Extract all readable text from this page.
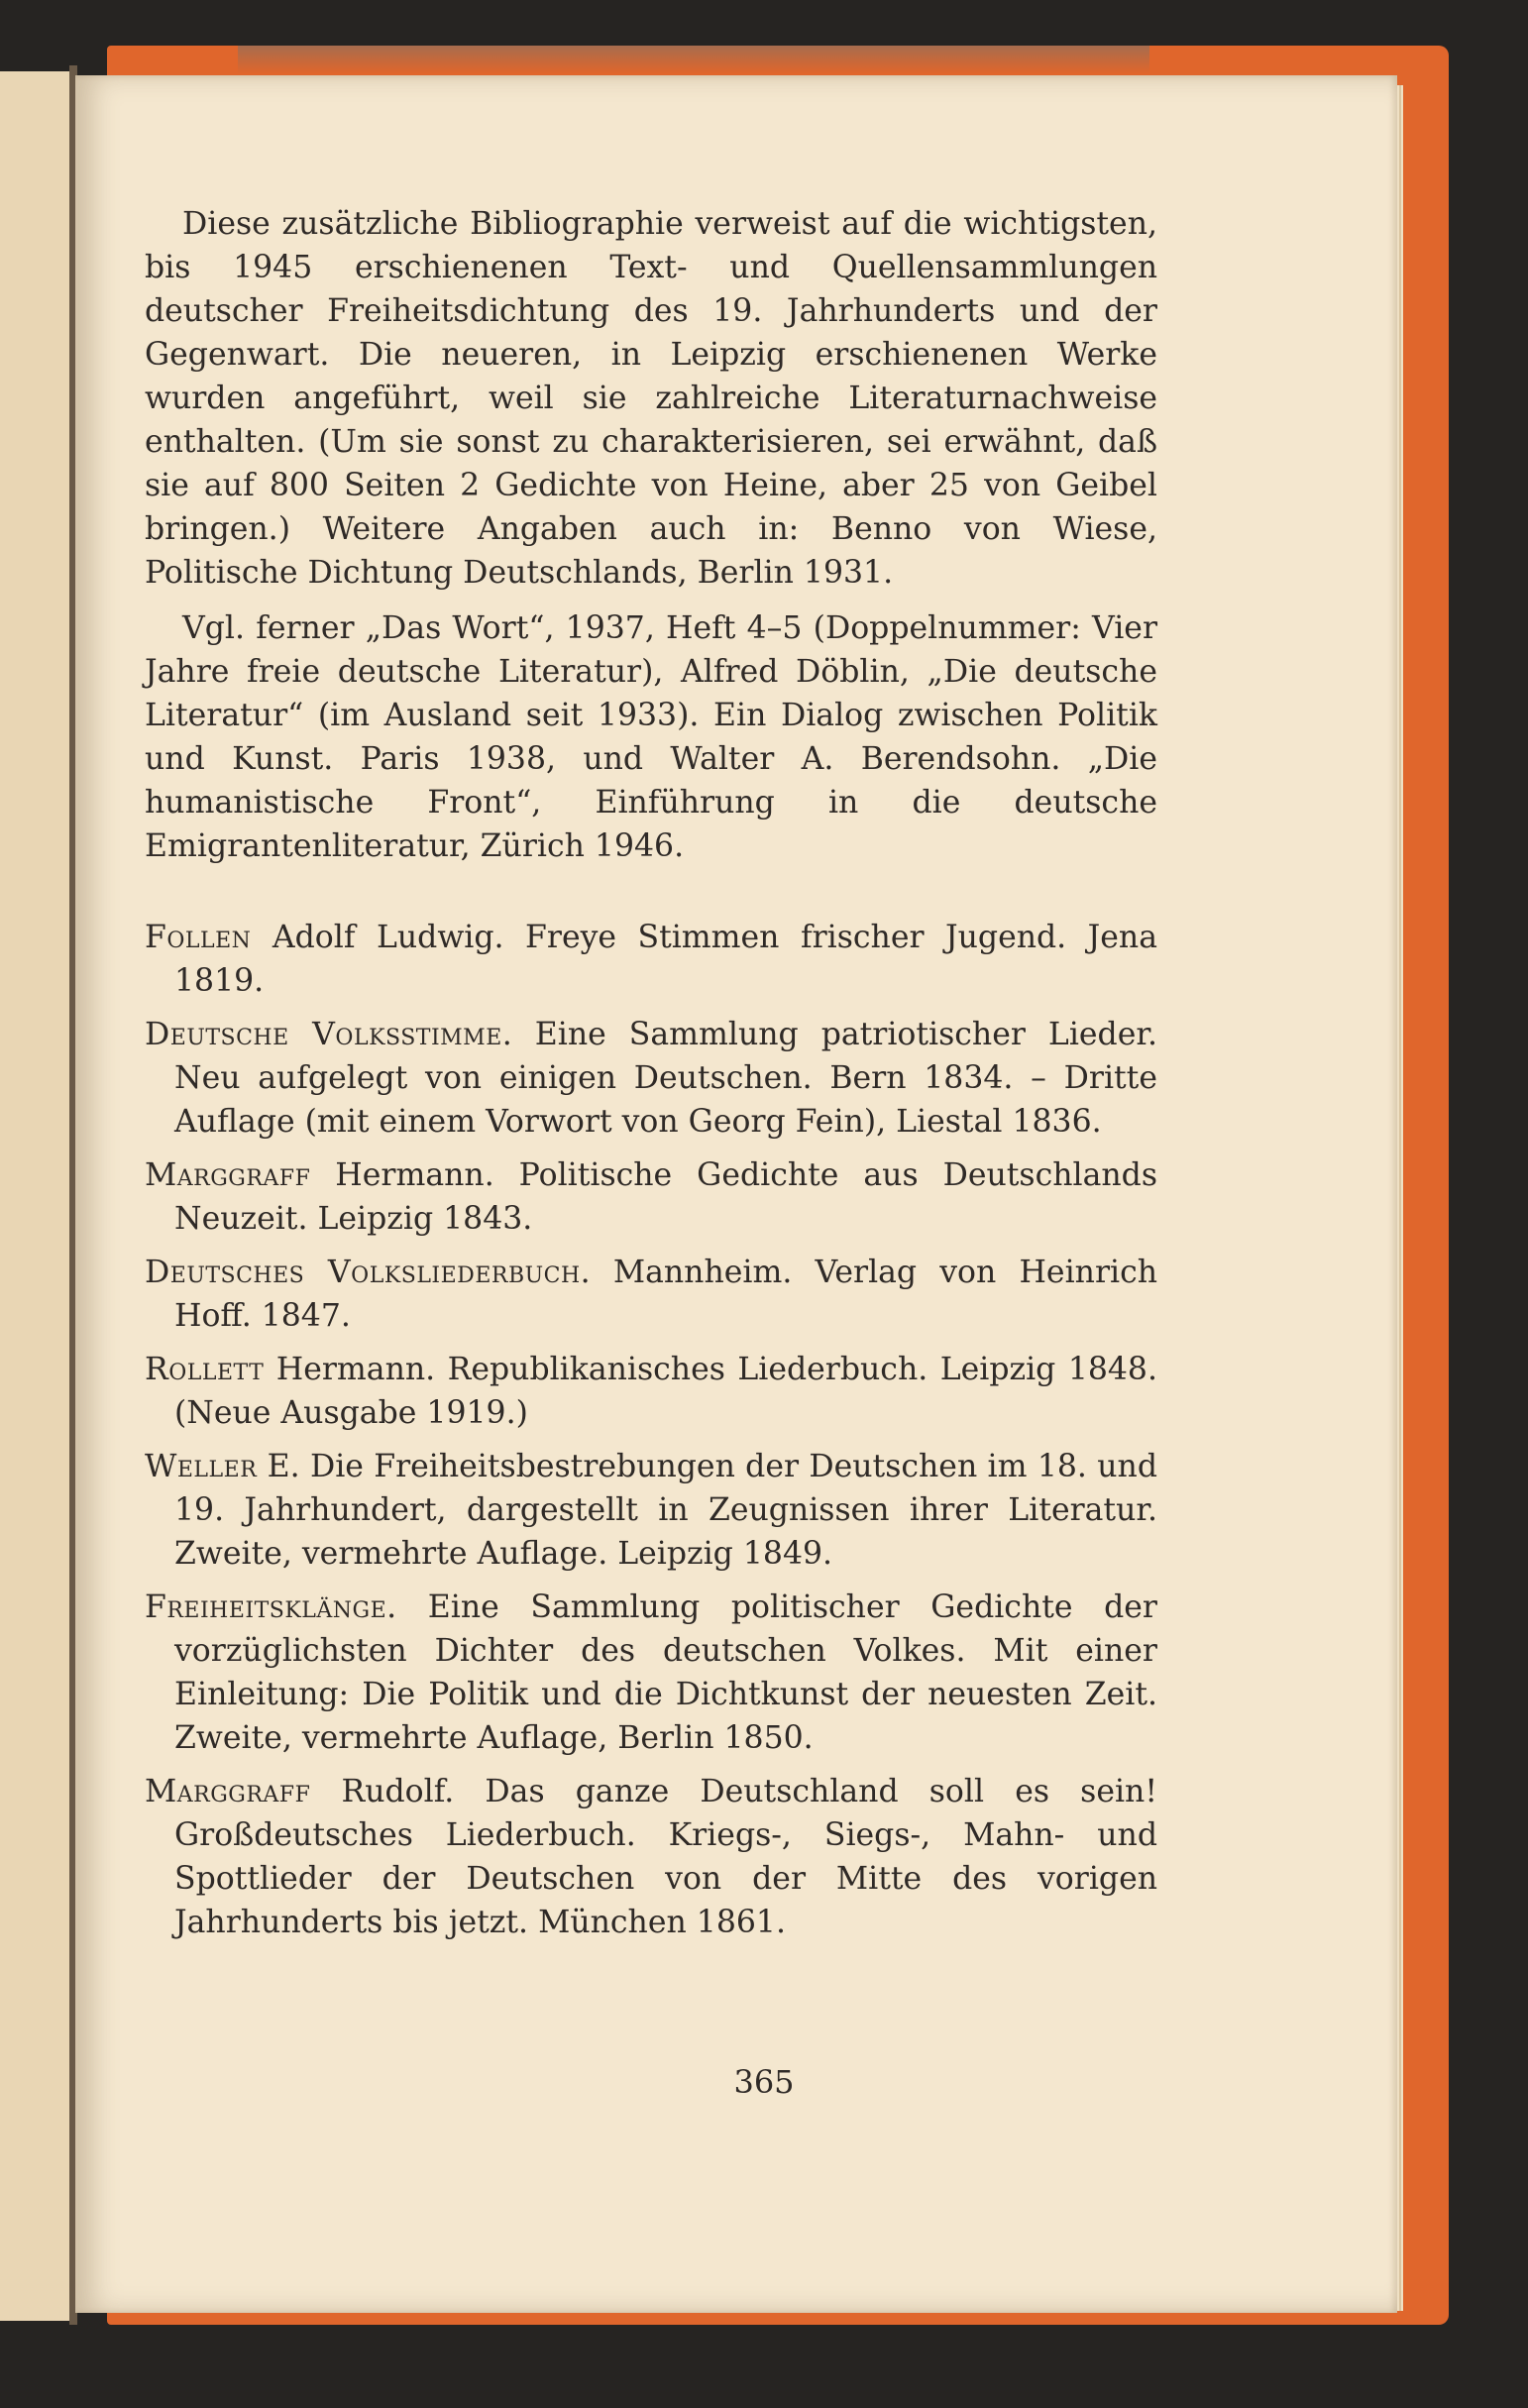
Diese zusätzliche Bibliographie verweist auf die wichtigsten, bis 1945 erschienenen Text- und Quellensammlungen deutscher Freiheitsdichtung des 19. Jahrhunderts und der Gegenwart. Die neueren, in Leipzig erschienenen Werke wurden angeführt, weil sie zahlreiche Literaturnachweise enthalten. (Um sie sonst zu charakterisieren, sei erwähnt, daß sie auf 800 Seiten 2 Gedichte von Heine, aber 25 von Geibel bringen.) Weitere Angaben auch in: Benno von Wiese, Politische Dichtung Deutschlands, Berlin 1931.

Vgl. ferner „Das Wort“, 1937, Heft 4–5 (Doppelnummer: Vier Jahre freie deutsche Literatur), Alfred Döblin, „Die deutsche Literatur“ (im Ausland seit 1933). Ein Dialog zwischen Politik und Kunst. Paris 1938, und Walter A. Berendsohn. „Die humanistische Front“, Einführung in die deutsche Emigrantenliteratur, Zürich 1946.

Follen Adolf Ludwig. Freye Stimmen frischer Jugend. Jena 1819.

Deutsche Volksstimme. Eine Sammlung patriotischer Lieder. Neu aufgelegt von einigen Deutschen. Bern 1834. – Dritte Auflage (mit einem Vorwort von Georg Fein), Liestal 1836.

Marggraff Hermann. Politische Gedichte aus Deutschlands Neuzeit. Leipzig 1843.

Deutsches Volksliederbuch. Mannheim. Verlag von Heinrich Hoff. 1847.

Rollett Hermann. Republikanisches Liederbuch. Leipzig 1848. (Neue Ausgabe 1919.)

Weller E. Die Freiheitsbestrebungen der Deutschen im 18. und 19. Jahrhundert, dargestellt in Zeugnissen ihrer Literatur. Zweite, vermehrte Auflage. Leipzig 1849.

Freiheitsklänge. Eine Sammlung politischer Gedichte der vorzüglichsten Dichter des deutschen Volkes. Mit einer Einleitung: Die Politik und die Dichtkunst der neuesten Zeit. Zweite, vermehrte Auflage, Berlin 1850.

Marggraff Rudolf. Das ganze Deutschland soll es sein! Großdeutsches Liederbuch. Kriegs-, Siegs-, Mahn- und Spottlieder der Deutschen von der Mitte des vorigen Jahrhunderts bis jetzt. München 1861.

365
